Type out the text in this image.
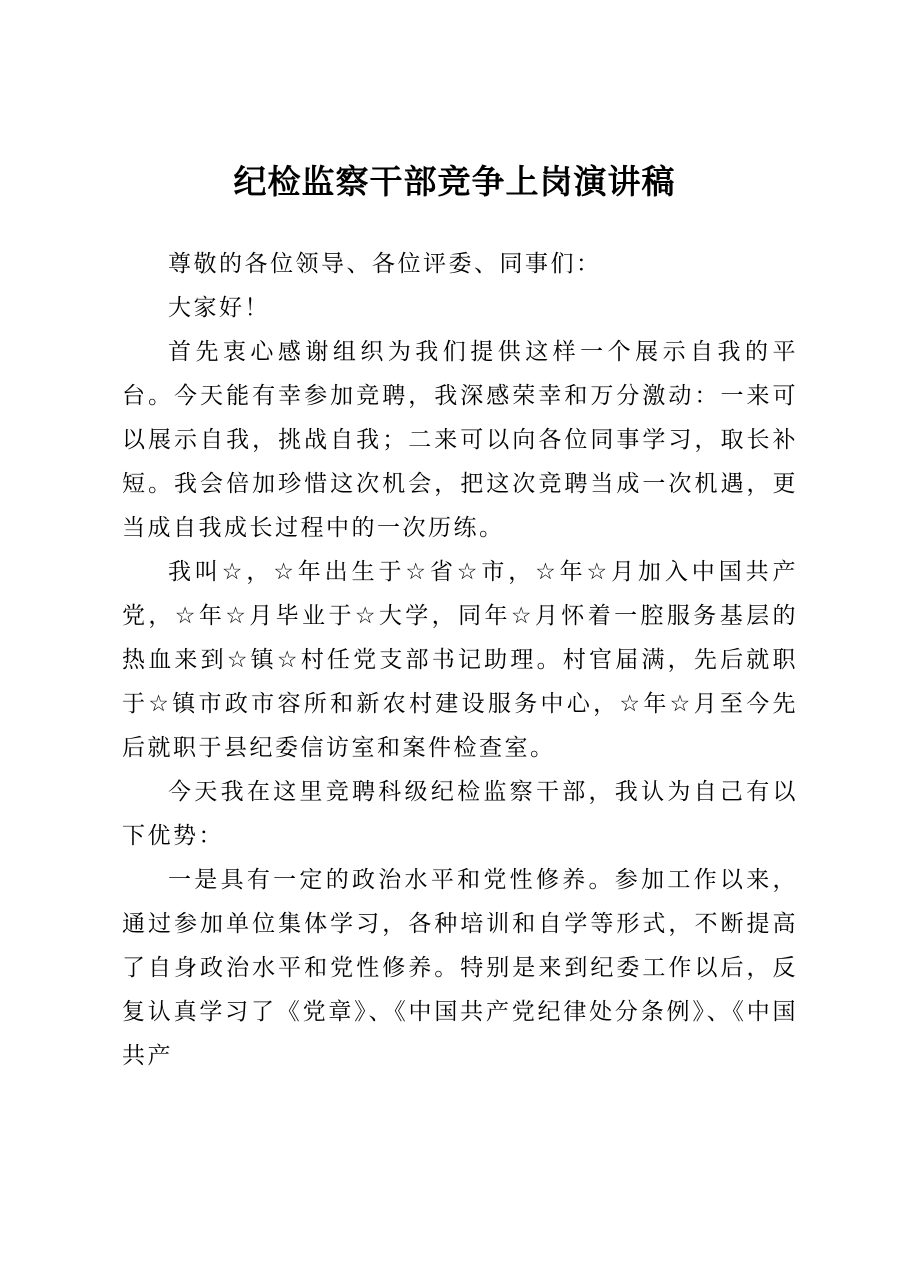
纪检监察干部竞争上岗演讲稿

尊敬的各位领导、各位评委、同事们：

大家好！

首先衷心感谢组织为我们提供这样一个展示自我的平台。今天能有幸参加竞聘，我深感荣幸和万分激动：一来可以展示自我，挑战自我；二来可以向各位同事学习，取长补短。我会倍加珍惜这次机会，把这次竞聘当成一次机遇，更当成自我成长过程中的一次历练。

我叫☆，☆年出生于☆省☆市，☆年☆月加入中国共产党，☆年☆月毕业于☆大学，同年☆月怀着一腔服务基层的热血来到☆镇☆村任党支部书记助理。村官届满，先后就职于☆镇市政市容所和新农村建设服务中心，☆年☆月至今先后就职于县纪委信访室和案件检查室。

今天我在这里竞聘科级纪检监察干部，我认为自己有以下优势：

一是具有一定的政治水平和党性修养。参加工作以来，通过参加单位集体学习，各种培训和自学等形式，不断提高了自身政治水平和党性修养。特别是来到纪委工作以后，反复认真学习了《党章》、《中国共产党纪律处分条例》、《中国共产
